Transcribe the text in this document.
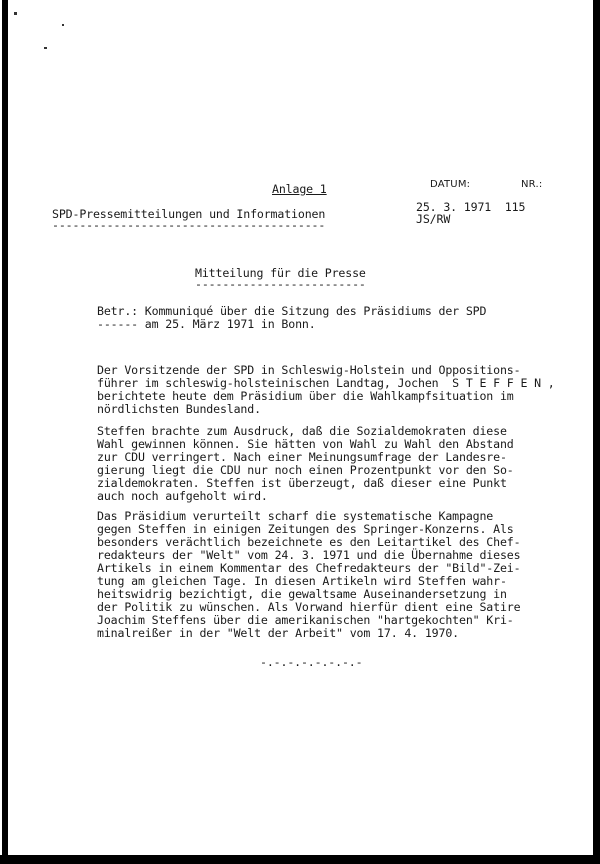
DATUM:	NR.:
Anlage 1
SPD-Pressemitteilungen und Informationen
----------------------------------------
25. 3. 1971  115
JS/RW
Mitteilung für die Presse
-------------------------
Betr.: Kommuniqué über die Sitzung des Präsidiums der SPD
------ am 25. März 1971 in Bonn.
Der Vorsitzende der SPD in Schleswig-Holstein und Oppositions-
führer im schleswig-holsteinischen Landtag, Jochen  S T E F F E N ,
berichtete heute dem Präsidium über die Wahlkampfsituation im
nördlichsten Bundesland.
Steffen brachte zum Ausdruck, daß die Sozialdemokraten diese
Wahl gewinnen können. Sie hätten von Wahl zu Wahl den Abstand
zur CDU verringert. Nach einer Meinungsumfrage der Landesre-
gierung liegt die CDU nur noch einen Prozentpunkt vor den So-
zialdemokraten. Steffen ist überzeugt, daß dieser eine Punkt
auch noch aufgeholt wird.
Das Präsidium verurteilt scharf die systematische Kampagne
gegen Steffen in einigen Zeitungen des Springer-Konzerns. Als
besonders verächtlich bezeichnete es den Leitartikel des Chef-
redakteurs der "Welt" vom 24. 3. 1971 und die Übernahme dieses
Artikels in einem Kommentar des Chefredakteurs der "Bild"-Zei-
tung am gleichen Tage. In diesen Artikeln wird Steffen wahr-
heitswidrig bezichtigt, die gewaltsame Auseinandersetzung in
der Politik zu wünschen. Als Vorwand hierfür dient eine Satire
Joachim Steffens über die amerikanischen "hartgekochten" Kri-
minalreißer in der "Welt der Arbeit" vom 17. 4. 1970.
-.-.-.-.-.-.-.-
